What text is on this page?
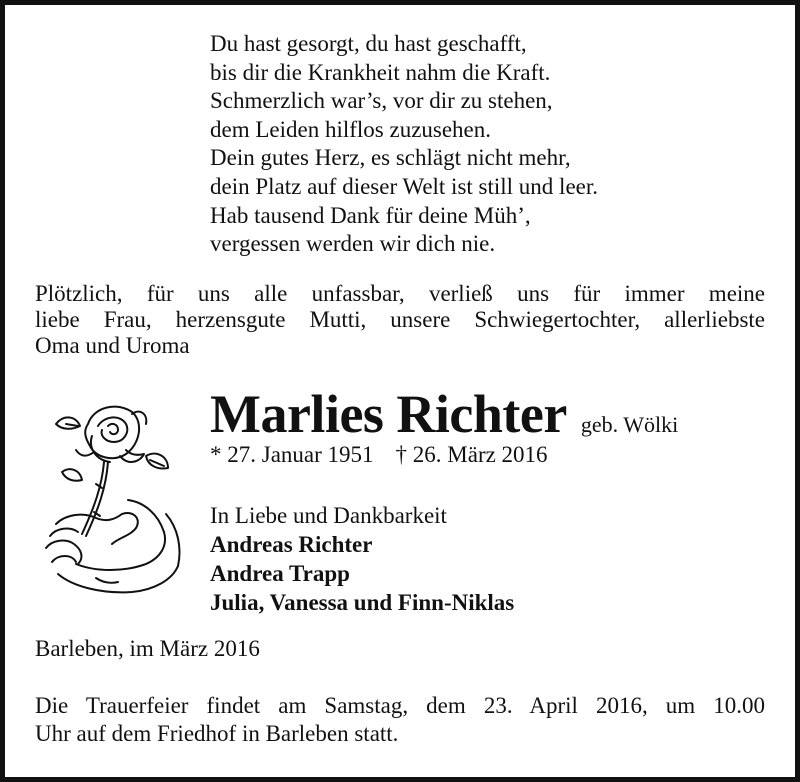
Du hast gesorgt, du hast geschafft,
bis dir die Krankheit nahm die Kraft.
Schmerzlich war’s, vor dir zu stehen,
dem Leiden hilflos zuzusehen.
Dein gutes Herz, es schlägt nicht mehr,
dein Platz auf dieser Welt ist still und leer.
Hab tausend Dank für deine Müh’,
vergessen werden wir dich nie.
Plötzlich, für uns alle unfassbar, verließ uns für immer meine
liebe Frau, herzensgute Mutti, unsere Schwiegertochter, allerliebste
Oma und Uroma
Marlies Richter geb. Wölki
* 27. Januar 1951 † 26. März 2016
In Liebe und Dankbarkeit
Andreas Richter
Andrea Trapp
Julia, Vanessa und Finn-Niklas
Barleben, im März 2016
Die Trauerfeier findet am Samstag, dem 23. April 2016, um 10.00
Uhr auf dem Friedhof in Barleben statt.
